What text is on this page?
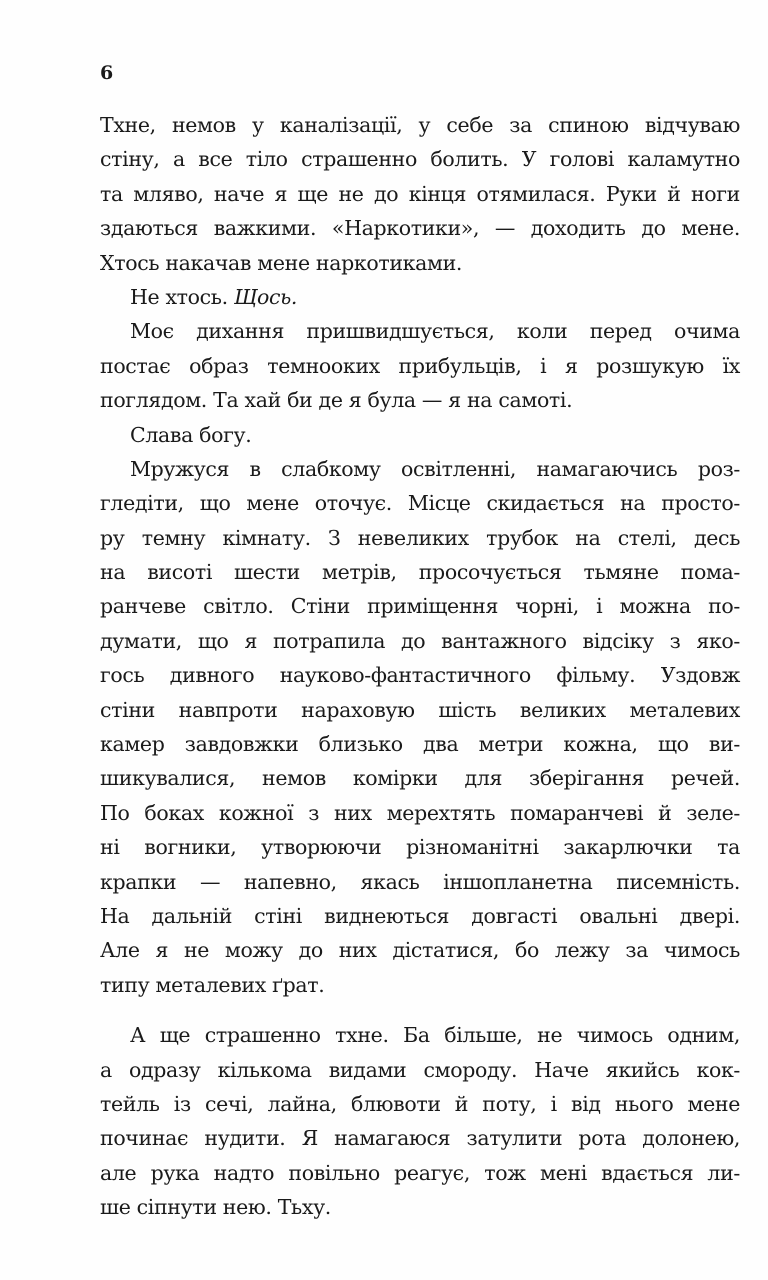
6
Тхне, немов у каналізації, у себе за спиною відчуваю
стіну, а все тіло страшенно болить. У голові каламутно
та мляво, наче я ще не до кінця отямилася. Руки й ноги
здаються важкими. «Наркотики», — доходить до мене.
Хтось накачав мене наркотиками.
Не хтось. Щось.
Моє дихання пришвидшується, коли перед очима
постає образ темнооких прибульців, і я розшукую їх
поглядом. Та хай би де я була — я на самоті.
Слава богу.
Мружуся в слабкому освітленні, намагаючись роз-
гледіти, що мене оточує. Місце скидається на просто-
ру темну кімнату. З невеликих трубок на стелі, десь
на висоті шести метрів, просочується тьмяне пома-
ранчеве світло. Стіни приміщення чорні, і можна по-
думати, що я потрапила до вантажного відсіку з яко-
гось дивного науково-фантастичного фільму. Уздовж
стіни навпроти нараховую шість великих металевих
камер завдовжки близько два метри кожна, що ви-
шикувалися, немов комірки для зберігання речей.
По боках кожної з них мерехтять помаранчеві й зеле-
ні вогники, утворюючи різноманітні закарлючки та
крапки — напевно, якась іншопланетна писемність.
На дальній стіні виднеються довгасті овальні двері.
Але я не можу до них дістатися, бо лежу за чимось
типу металевих ґрат.
А ще страшенно тхне. Ба більше, не чимось одним,
а одразу кількома видами смороду. Наче якийсь кок-
тейль із сечі, лайна, блювоти й поту, і від нього мене
починає нудити. Я намагаюся затулити рота долонею,
але рука надто повільно реагує, тож мені вдається ли-
ше сіпнути нею. Тьху.
